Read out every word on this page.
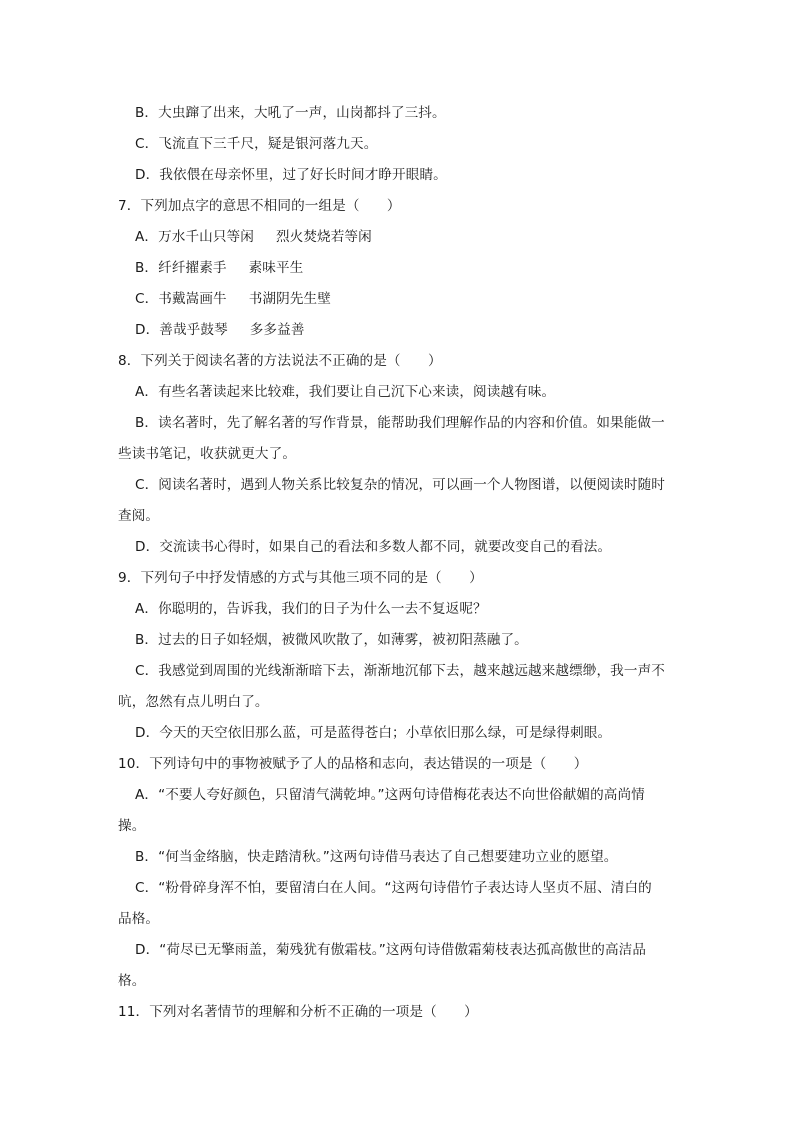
B．大虫蹿了出来，大吼了一声，山岗都抖了三抖。
C．飞流直下三千尺，疑是银河落九天。
D．我依偎在母亲怀里，过了好长时间才睁开眼睛。
7．下列加点字的意思不相同的一组是（　　）
A．万水千山只等闲 烈火焚烧若等闲
B．纤纤擢素手 素味平生
C．书戴嵩画牛 书湖阴先生壁
D．善哉乎鼓琴 多多益善
8．下列关于阅读名著的方法说法不正确的是（　　）
A．有些名著读起来比较难，我们要让自己沉下心来读，阅读越有味。
B．读名著时，先了解名著的写作背景，能帮助我们理解作品的内容和价值。如果能做一
些读书笔记，收获就更大了。
C．阅读名著时，遇到人物关系比较复杂的情况，可以画一个人物图谱，以便阅读时随时
查阅。
D．交流读书心得时，如果自己的看法和多数人都不同，就要改变自己的看法。
9．下列句子中抒发情感的方式与其他三项不同的是（　　）
A．你聪明的，告诉我，我们的日子为什么一去不复返呢？
B．过去的日子如轻烟，被微风吹散了，如薄雾，被初阳蒸融了。
C．我感觉到周围的光线渐渐暗下去，渐渐地沉郁下去，越来越远越来越缥缈，我一声不
吭，忽然有点儿明白了。
D．今天的天空依旧那么蓝，可是蓝得苍白；小草依旧那么绿，可是绿得刺眼。
10．下列诗句中的事物被赋予了人的品格和志向，表达错误的一项是（　　）
A．“不要人夸好颜色，只留清气满乾坤。”这两句诗借梅花表达不向世俗献媚的高尚情
操。
B．“何当金络脑，快走踏清秋。”这两句诗借马表达了自己想要建功立业的愿望。
C．“粉骨碎身浑不怕，要留清白在人间。“这两句诗借竹子表达诗人坚贞不屈、清白的
品格。
D．“荷尽已无擎雨盖，菊残犹有傲霜枝。”这两句诗借傲霜菊枝表达孤高傲世的高洁品
格。
11．下列对名著情节的理解和分析不正确的一项是（　　）
